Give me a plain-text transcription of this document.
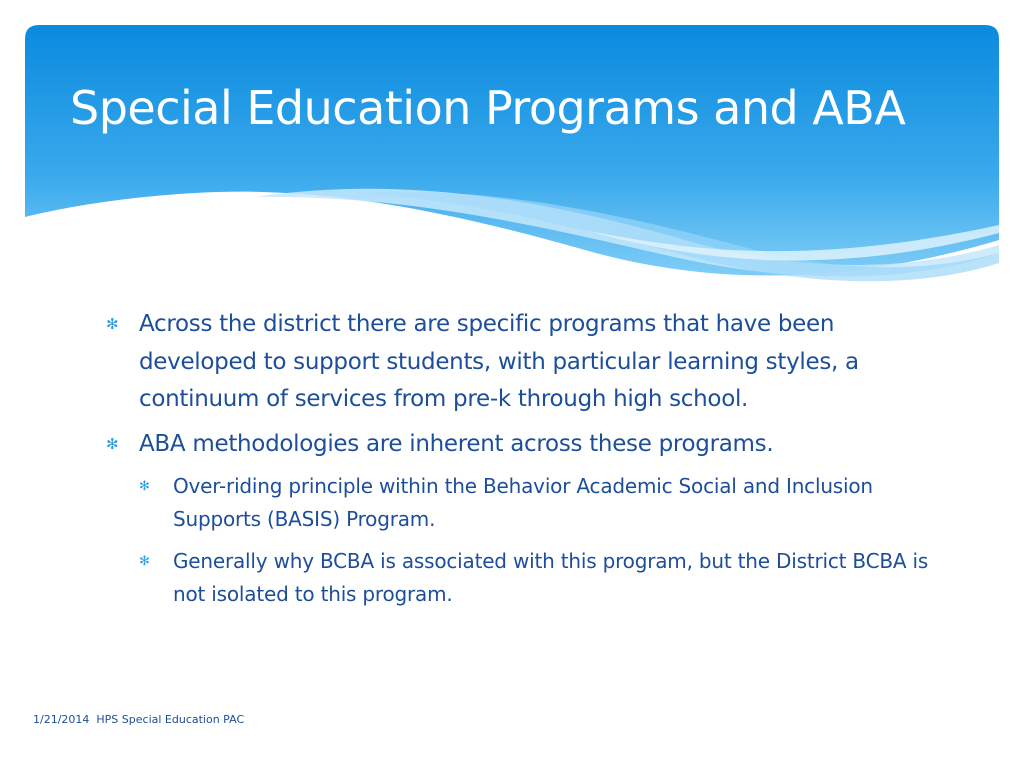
Special Education Programs and ABA
✻ Across the district there are specific programs that have been developed to support students, with particular learning styles, a continuum of services from pre-k through high school.
✻ ABA methodologies are inherent across these programs.
✻ Over-riding principle within the Behavior Academic Social and Inclusion Supports (BASIS) Program.
✻ Generally why BCBA is associated with this program, but the District BCBA is not isolated to this program.
1/21/2014 HPS Special Education PAC
